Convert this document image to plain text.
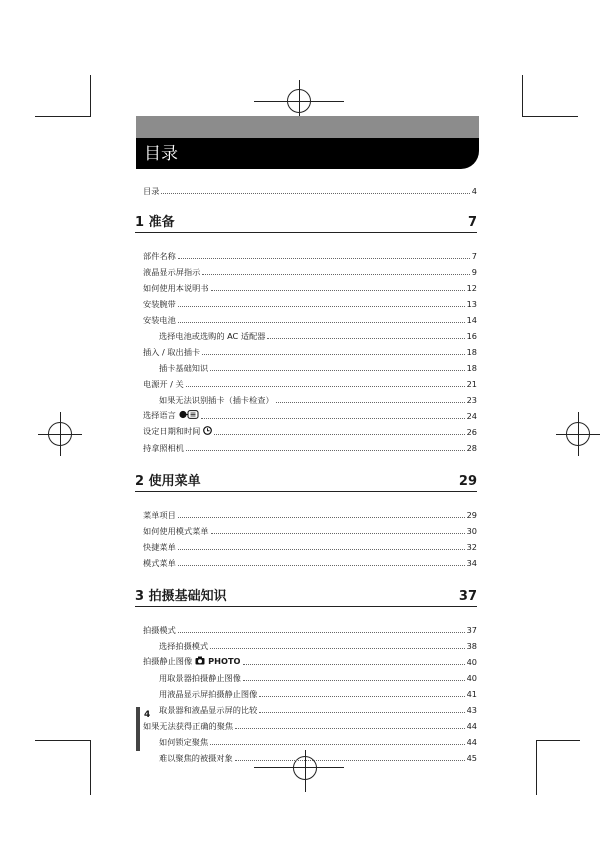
目录
目录	4
1 准备	7
部件名称	7
液晶显示屏指示	9
如何使用本说明书	12
安装腕带	13
安装电池	14
选择电池或选购的 AC 适配器	16
插入 / 取出插卡	18
插卡基础知识	18
电源开 / 关	21
如果无法识别插卡（插卡检查）	23
选择语言	24
设定日期和时间	26
持拿照相机	28
2 使用菜单	29
菜单项目	29
如何使用模式菜单	30
快捷菜单	32
模式菜单	34
3 拍摄基础知识	37
拍摄模式	37
选择拍摄模式	38
拍摄静止图像 PHOTO	40
用取景器拍摄静止图像	40
用液晶显示屏拍摄静止图像	41
取景器和液晶显示屏的比较	43
如果无法获得正确的聚焦	44
如何锁定聚焦	44
难以聚焦的被摄对象	45
4
